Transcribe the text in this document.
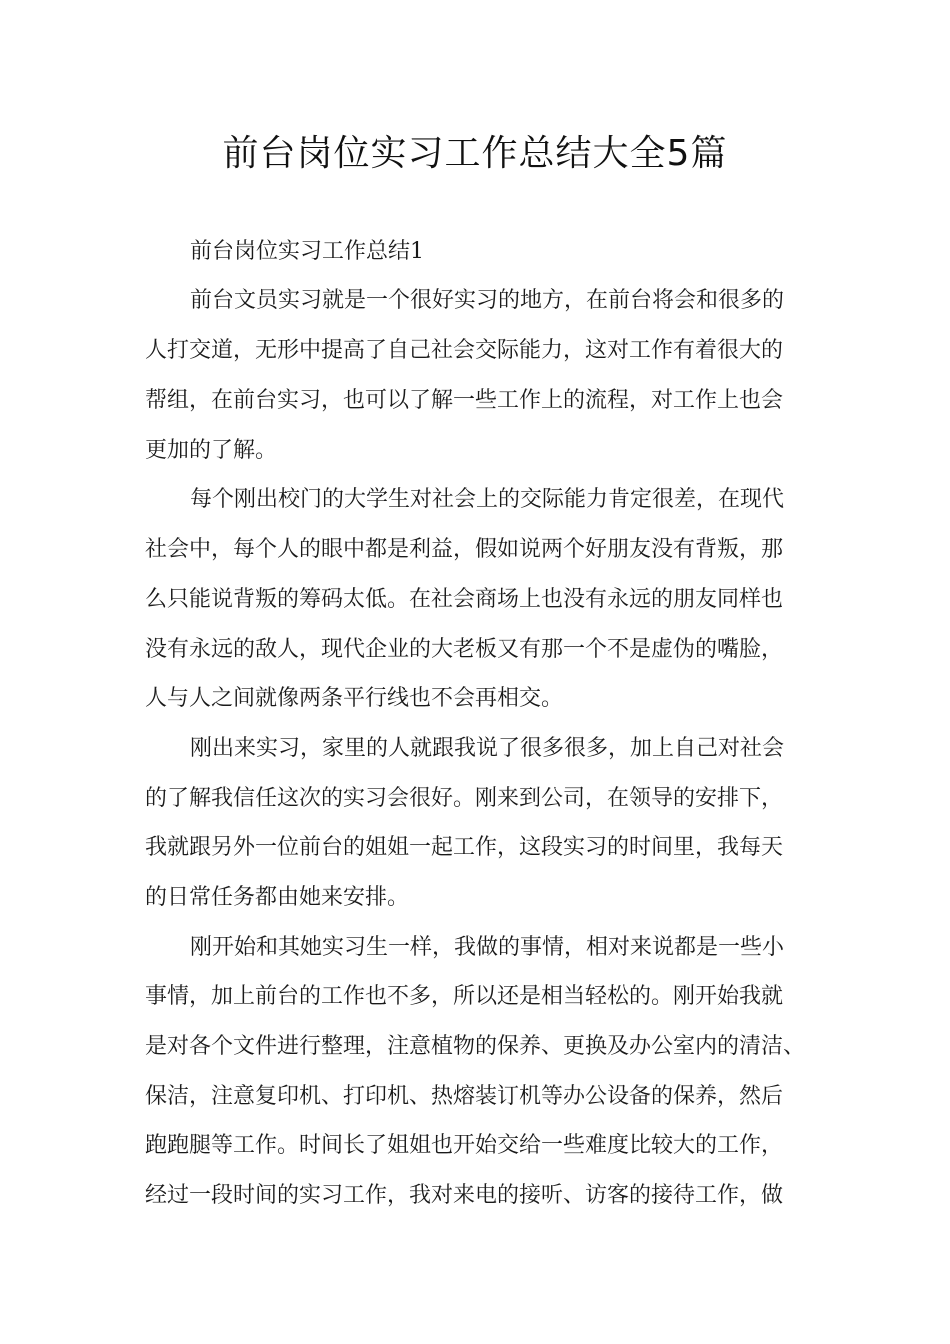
前台岗位实习工作总结大全5篇
前台岗位实习工作总结1
前台文员实习就是一个很好实习的地方，在前台将会和很多的
人打交道，无形中提高了自己社会交际能力，这对工作有着很大的
帮组，在前台实习，也可以了解一些工作上的流程，对工作上也会
更加的了解。
每个刚出校门的大学生对社会上的交际能力肯定很差，在现代
社会中，每个人的眼中都是利益，假如说两个好朋友没有背叛，那
么只能说背叛的筹码太低。在社会商场上也没有永远的朋友同样也
没有永远的敌人，现代企业的大老板又有那一个不是虚伪的嘴脸，
人与人之间就像两条平行线也不会再相交。
刚出来实习，家里的人就跟我说了很多很多，加上自己对社会
的了解我信任这次的实习会很好。刚来到公司，在领导的安排下，
我就跟另外一位前台的姐姐一起工作，这段实习的时间里，我每天
的日常任务都由她来安排。
刚开始和其她实习生一样，我做的事情，相对来说都是一些小
事情，加上前台的工作也不多，所以还是相当轻松的。刚开始我就
是对各个文件进行整理，注意植物的保养、更换及办公室内的清洁、
保洁，注意复印机、打印机、热熔装订机等办公设备的保养，然后
跑跑腿等工作。时间长了姐姐也开始交给一些难度比较大的工作，
经过一段时间的实习工作，我对来电的接听、访客的接待工作，做
